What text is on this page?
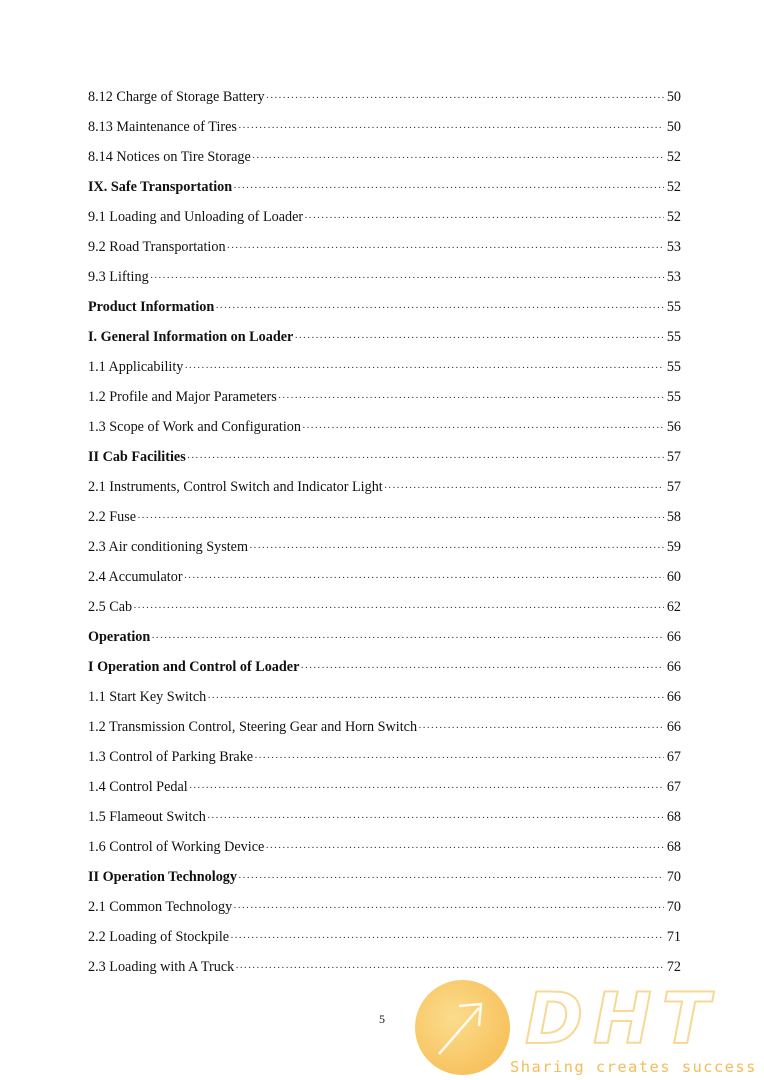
8.12 Charge of Storage Battery ·····	50
8.13 Maintenance of Tires ·····	50
8.14 Notices on Tire Storage ·····	52
IX. Safe Transportation ·····	52
9.1 Loading and Unloading of Loader ·····	52
9.2 Road Transportation ·····	53
9.3 Lifting ·····	53
Product Information ·····	55
I. General Information on Loader ·····	55
1.1 Applicability ·····	55
1.2 Profile and Major Parameters ·····	55
1.3 Scope of Work and Configuration ·····	56
II Cab Facilities ·····	57
2.1 Instruments, Control Switch and Indicator Light ·····	57
2.2 Fuse ·····	58
2.3 Air conditioning System ·····	59
2.4 Accumulator ·····	60
2.5 Cab ·····	62
Operation ·····	66
I Operation and Control of Loader ·····	66
1.1 Start Key Switch ·····	66
1.2 Transmission Control, Steering Gear and Horn Switch ·····	66
1.3 Control of Parking Brake ·····	67
1.4 Control Pedal ·····	67
1.5 Flameout Switch ·····	68
1.6 Control of Working Device ·····	68
II Operation Technology ·····	70
2.1 Common Technology ·····	70
2.2 Loading of Stockpile ·····	71
2.3 Loading with A Truck ·····	72
5	DHT
Sharing creates success
